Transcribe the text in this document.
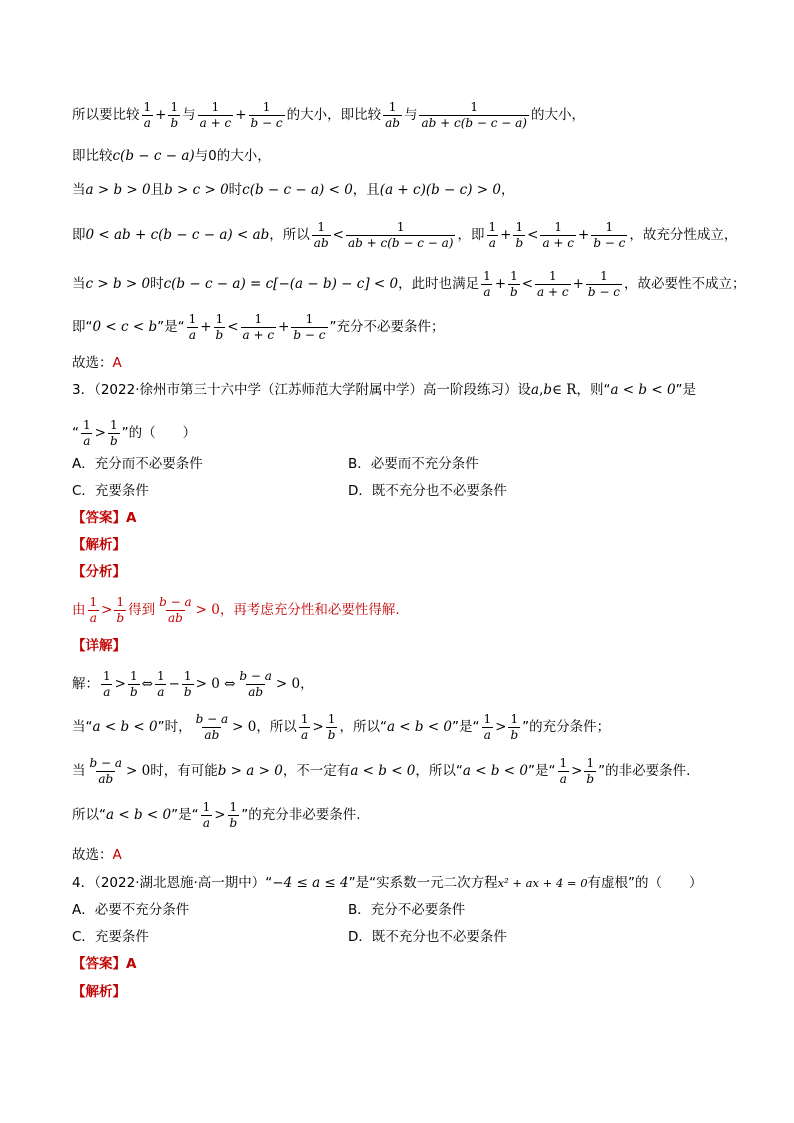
所以要比较 $\frac{1}{a} + \frac{1}{b}$ 与 $\frac{1}{a + c} + \frac{1}{b - c}$ 的大小，即比较 $\frac{1}{ab}$ 与 $\frac{1}{ab + c(b - c - a)}$ 的大小，
即比较 c(b − c − a) 与0的大小，
当 a > b > 0 且 b > c > 0 时 c(b − c − a) < 0 ，且 (a + c)(b − c) > 0 ，
即 0 < ab + c(b − c − a) < ab ，所以 $\frac{1}{ab} < \frac{1}{ab + c(b - c - a)}$ ，即 $\frac{1}{a} + \frac{1}{b} < \frac{1}{a + c} + \frac{1}{b - c}$ ，故充分性成立，
当 c > b > 0 时 c(b − c − a) = c[−(a − b) − c] < 0 ，此时也满足 $\frac{1}{a} + \frac{1}{b} < \frac{1}{a + c} + \frac{1}{b - c}$ ，故必要性不成立；
即“ 0 < c < b ”是“ $\frac{1}{a} + \frac{1}{b} < \frac{1}{a + c} + \frac{1}{b - c}$ ”充分不必要条件；
故选： A
3．（2022·徐州市第三十六中学（江苏师范大学附属中学）高一阶段练习）设 a , b ∈ R ，则“ a < b < 0 ”是
“ $\frac{1}{a} > \frac{1}{b}$ ”的（　　）
A．充分而不必要条件	B．必要而不充分条件
C．充要条件	D．既不充分也不必要条件
【答案】 A
【解析】
【分析】
由 $\frac{1}{a} > \frac{1}{b}$ 得到 $\frac{b - a}{ab} > 0$ ，再考虑充分性和必要性得解.
【详解】
解： $\frac{1}{a} > \frac{1}{b}$ ⇔ $\frac{1}{a} - \frac{1}{b} > 0$ ⇔ $\frac{b - a}{ab} > 0$ ，
当“ a < b < 0 ”时， $\frac{b - a}{ab} > 0$ ，所以 $\frac{1}{a} > \frac{1}{b}$ ，所以“ a < b < 0 ”是“ $\frac{1}{a} > \frac{1}{b}$ ”的充分条件；
当 $\frac{b - a}{ab} > 0$ 时，有可能 b > a > 0 ，不一定有 a < b < 0 ，所以“ a < b < 0 ”是“ $\frac{1}{a} > \frac{1}{b}$ ”的非必要条件.
所以“ a < b < 0 ”是“ $\frac{1}{a} > \frac{1}{b}$ ”的充分非必要条件.
故选： A
4．（2022·湖北恩施·高一期中）“ −4 ≤ a ≤ 4 ”是“实系数一元二次方程 x² + ax + 4 = 0 有虚根”的（　　）
A．必要不充分条件	B．充分不必要条件
C．充要条件	D．既不充分也不必要条件
【答案】 A
【解析】
